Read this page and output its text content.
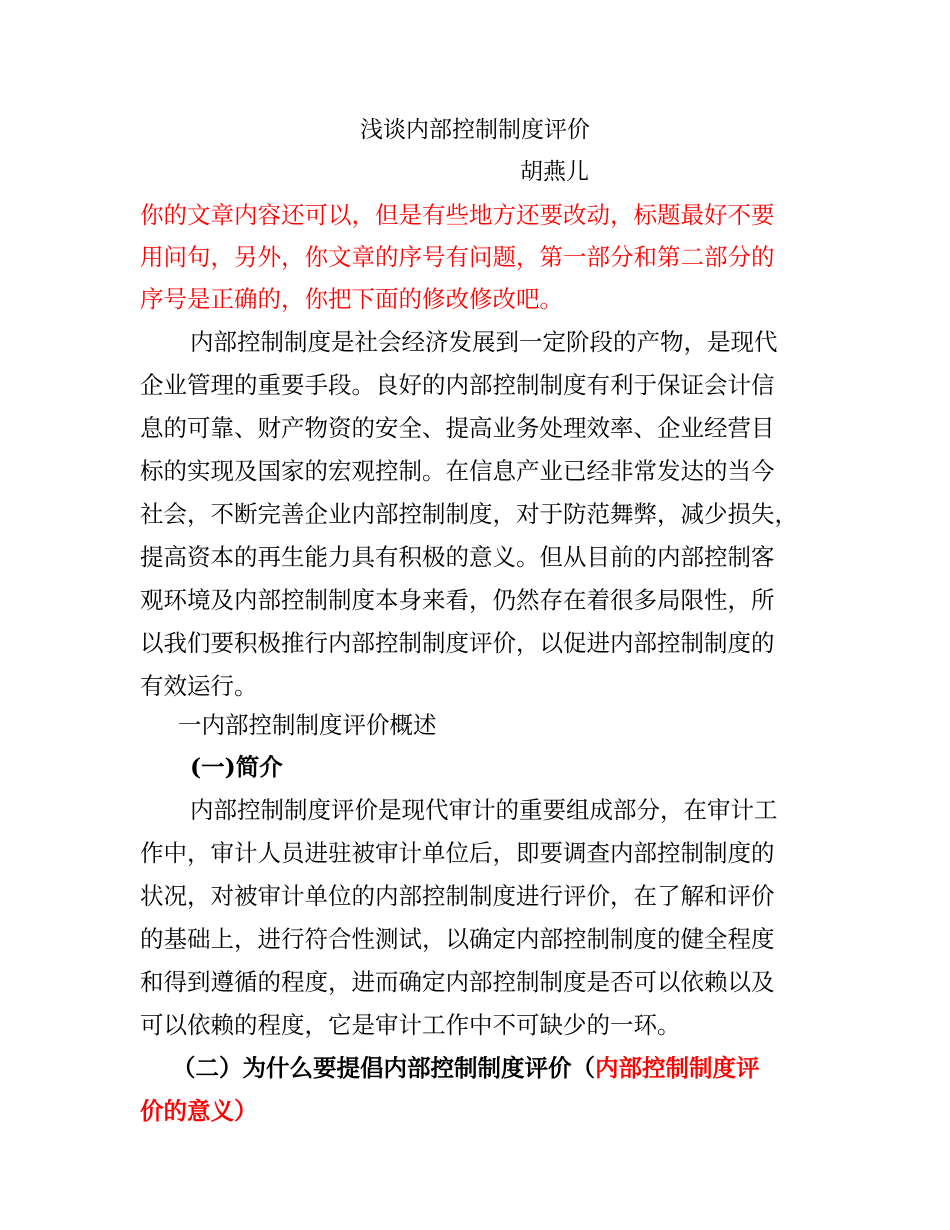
浅谈内部控制制度评价
胡燕儿
你的文章内容还可以，但是有些地方还要改动，标题最好不要
用问句，另外，你文章的序号有问题，第一部分和第二部分的
序号是正确的，你把下面的修改修改吧。
内部控制制度是社会经济发展到一定阶段的产物，是现代
企业管理的重要手段。良好的内部控制制度有利于保证会计信
息的可靠、财产物资的安全、提高业务处理效率、企业经营目
标的实现及国家的宏观控制。在信息产业已经非常发达的当今
社会，不断完善企业内部控制制度，对于防范舞弊，减少损失，
提高资本的再生能力具有积极的意义。但从目前的内部控制客
观环境及内部控制制度本身来看，仍然存在着很多局限性，所
以我们要积极推行内部控制制度评价，以促进内部控制制度的
有效运行。
一内部控制制度评价概述
(一)简介
内部控制制度评价是现代审计的重要组成部分，在审计工
作中，审计人员进驻被审计单位后，即要调查内部控制制度的
状况，对被审计单位的内部控制制度进行评价，在了解和评价
的基础上，进行符合性测试，以确定内部控制制度的健全程度
和得到遵循的程度，进而确定内部控制制度是否可以依赖以及
可以依赖的程度，它是审计工作中不可缺少的一环。
（二）为什么要提倡内部控制制度评价（内部控制制度评
价的意义）
